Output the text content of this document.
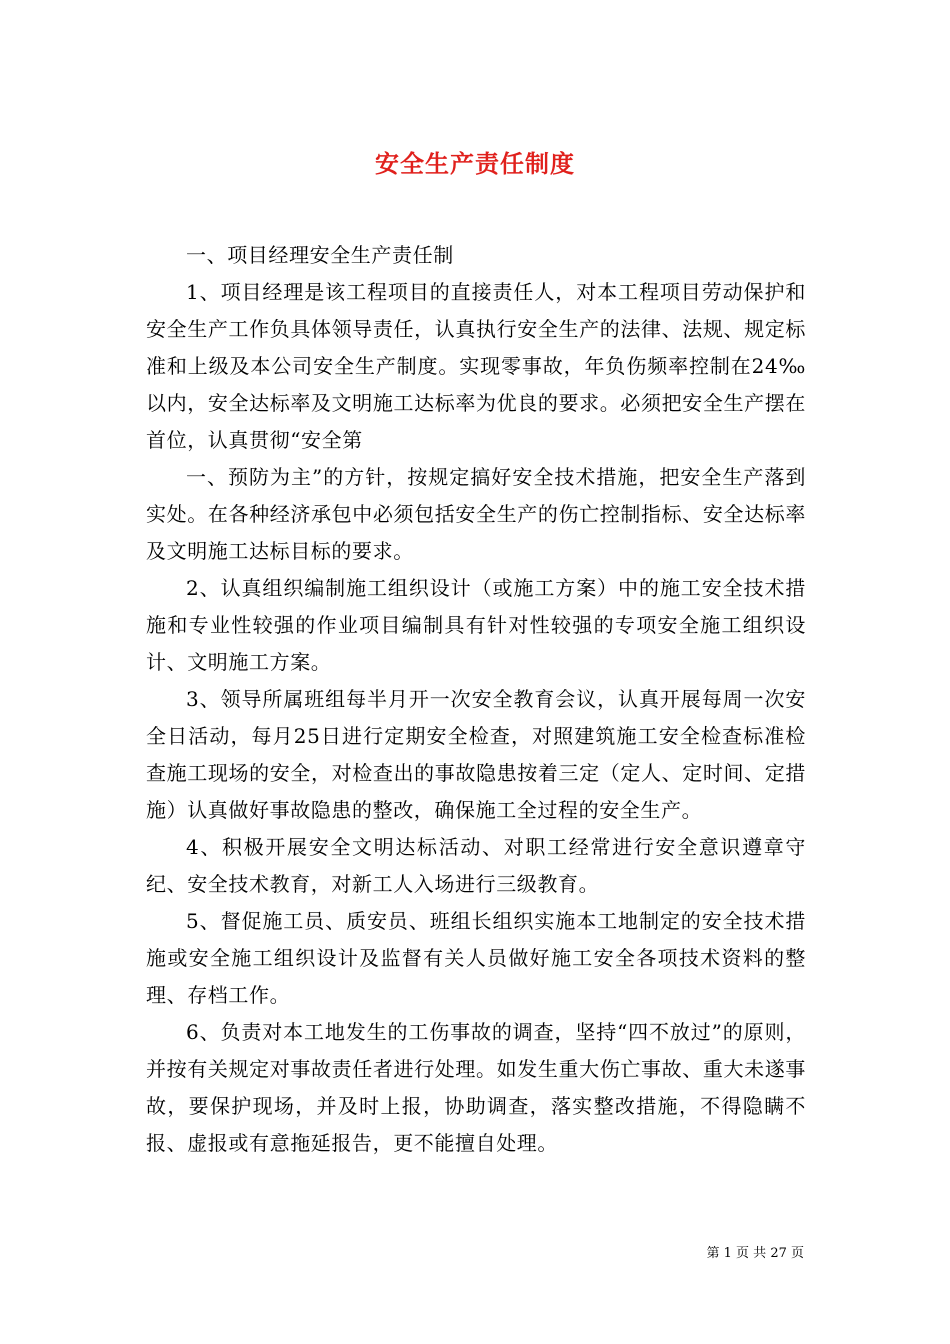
安全生产责任制度

一、项目经理安全生产责任制

1、项目经理是该工程项目的直接责任人，对本工程项目劳动保护和安全生产工作负具体领导责任，认真执行安全生产的法律、法规、规定标准和上级及本公司安全生产制度。实现零事故，年负伤频率控制在24‰以内，安全达标率及文明施工达标率为优良的要求。必须把安全生产摆在首位，认真贯彻“安全第

一、预防为主”的方针，按规定搞好安全技术措施，把安全生产落到实处。在各种经济承包中必须包括安全生产的伤亡控制指标、安全达标率及文明施工达标目标的要求。

2、认真组织编制施工组织设计（或施工方案）中的施工安全技术措施和专业性较强的作业项目编制具有针对性较强的专项安全施工组织设计、文明施工方案。

3、领导所属班组每半月开一次安全教育会议，认真开展每周一次安全日活动，每月25日进行定期安全检查，对照建筑施工安全检查标准检查施工现场的安全，对检查出的事故隐患按着三定（定人、定时间、定措施）认真做好事故隐患的整改，确保施工全过程的安全生产。

4、积极开展安全文明达标活动、对职工经常进行安全意识遵章守纪、安全技术教育，对新工人入场进行三级教育。

5、督促施工员、质安员、班组长组织实施本工地制定的安全技术措施或安全施工组织设计及监督有关人员做好施工安全各项技术资料的整理、存档工作。

6、负责对本工地发生的工伤事故的调查，坚持“四不放过”的原则，并按有关规定对事故责任者进行处理。如发生重大伤亡事故、重大未遂事故，要保护现场，并及时上报，协助调查，落实整改措施，不得隐瞒不报、虚报或有意拖延报告，更不能擅自处理。

第 1 页 共 27 页
